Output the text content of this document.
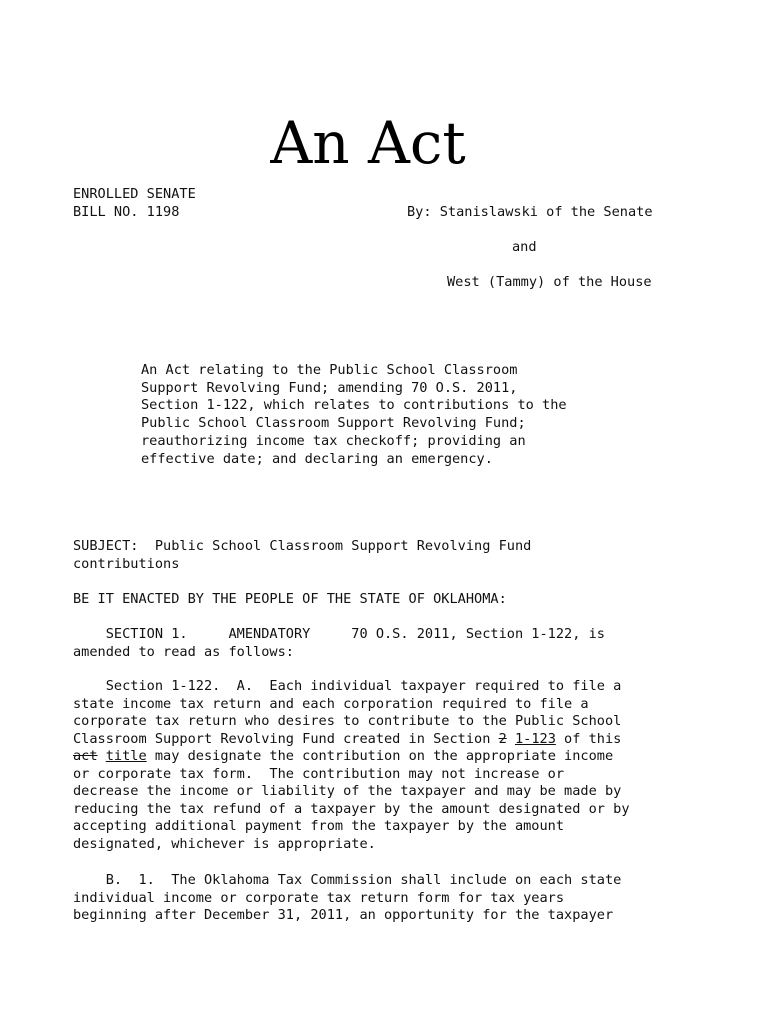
An Act
ENROLLED SENATE
BILL NO. 1198	By: Stanislawski of the Senate
and
West (Tammy) of the House
An Act relating to the Public School Classroom
Support Revolving Fund; amending 70 O.S. 2011,
Section 1-122, which relates to contributions to the
Public School Classroom Support Revolving Fund;
reauthorizing income tax checkoff; providing an
effective date; and declaring an emergency.
SUBJECT:  Public School Classroom Support Revolving Fund
contributions
BE IT ENACTED BY THE PEOPLE OF THE STATE OF OKLAHOMA:
SECTION 1.     AMENDATORY     70 O.S. 2011, Section 1-122, is
amended to read as follows:
Section 1-122.  A.  Each individual taxpayer required to file a
state income tax return and each corporation required to file a
corporate tax return who desires to contribute to the Public School
Classroom Support Revolving Fund created in Section 2 1-123 of this
act title may designate the contribution on the appropriate income
or corporate tax form.  The contribution may not increase or
decrease the income or liability of the taxpayer and may be made by
reducing the tax refund of a taxpayer by the amount designated or by
accepting additional payment from the taxpayer by the amount
designated, whichever is appropriate.
B.  1.  The Oklahoma Tax Commission shall include on each state
individual income or corporate tax return form for tax years
beginning after December 31, 2011, an opportunity for the taxpayer
